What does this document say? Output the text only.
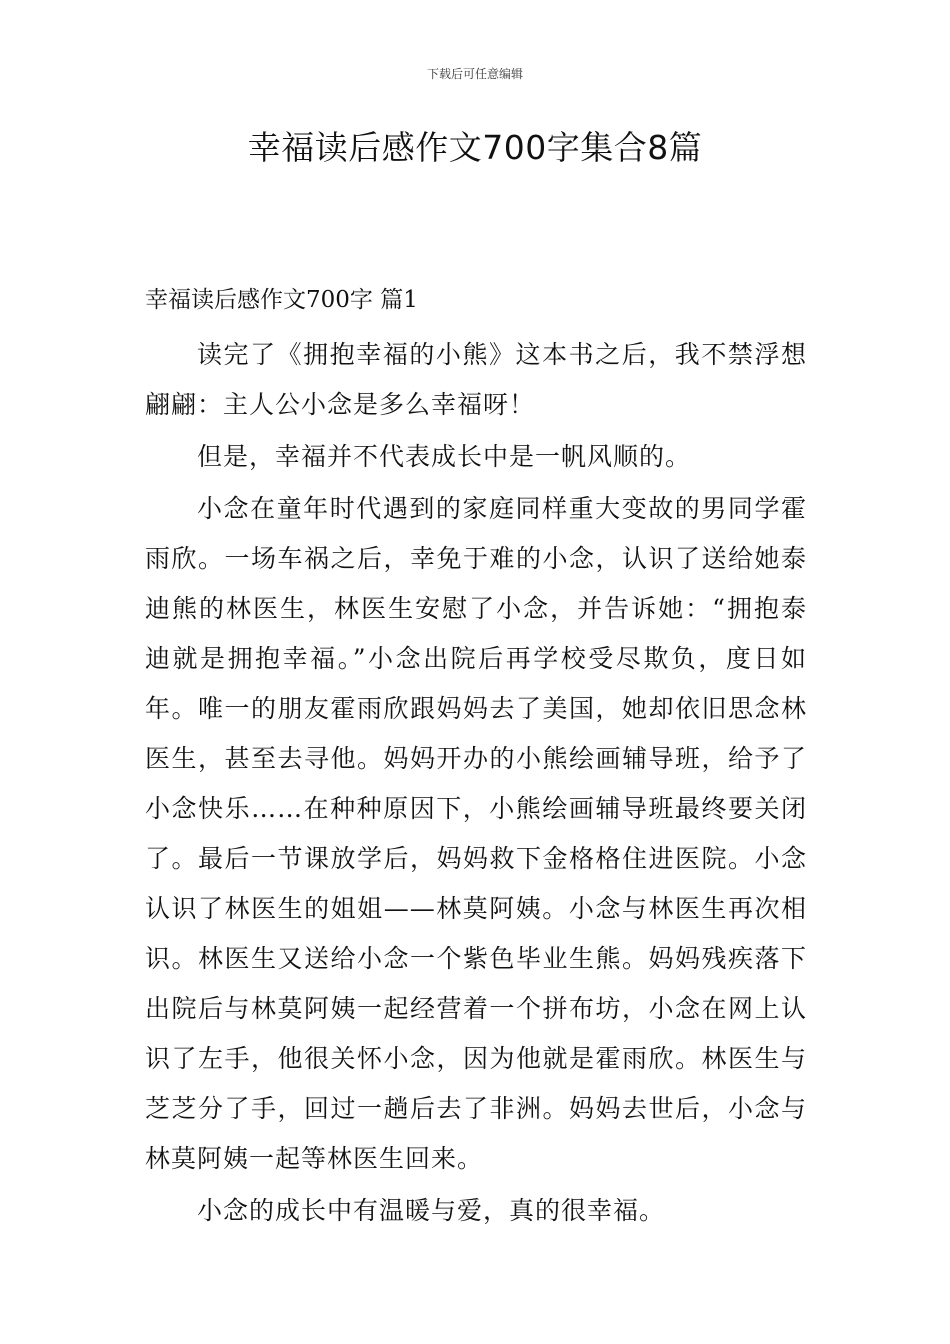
下载后可任意编辑
幸福读后感作文700字集合8篇
幸福读后感作文700字 篇1

读完了《拥抱幸福的小熊》这本书之后，我不禁浮想翩翩：主人公小念是多么幸福呀！

但是，幸福并不代表成长中是一帆风顺的。

小念在童年时代遇到的家庭同样重大变故的男同学霍雨欣。一场车祸之后，幸免于难的小念，认识了送给她泰迪熊的林医生，林医生安慰了小念，并告诉她：“拥抱泰迪就是拥抱幸福。”小念出院后再学校受尽欺负，度日如年。唯一的朋友霍雨欣跟妈妈去了美国，她却依旧思念林医生，甚至去寻他。妈妈开办的小熊绘画辅导班，给予了小念快乐……在种种原因下，小熊绘画辅导班最终要关闭了。最后一节课放学后，妈妈救下金格格住进医院。小念认识了林医生的姐姐——林莫阿姨。小念与林医生再次相识。林医生又送给小念一个紫色毕业生熊。妈妈残疾落下出院后与林莫阿姨一起经营着一个拼布坊，小念在网上认识了左手，他很关怀小念，因为他就是霍雨欣。林医生与芝芝分了手，回过一趟后去了非洲。妈妈去世后，小念与林莫阿姨一起等林医生回来。

小念的成长中有温暖与爱，真的很幸福。
